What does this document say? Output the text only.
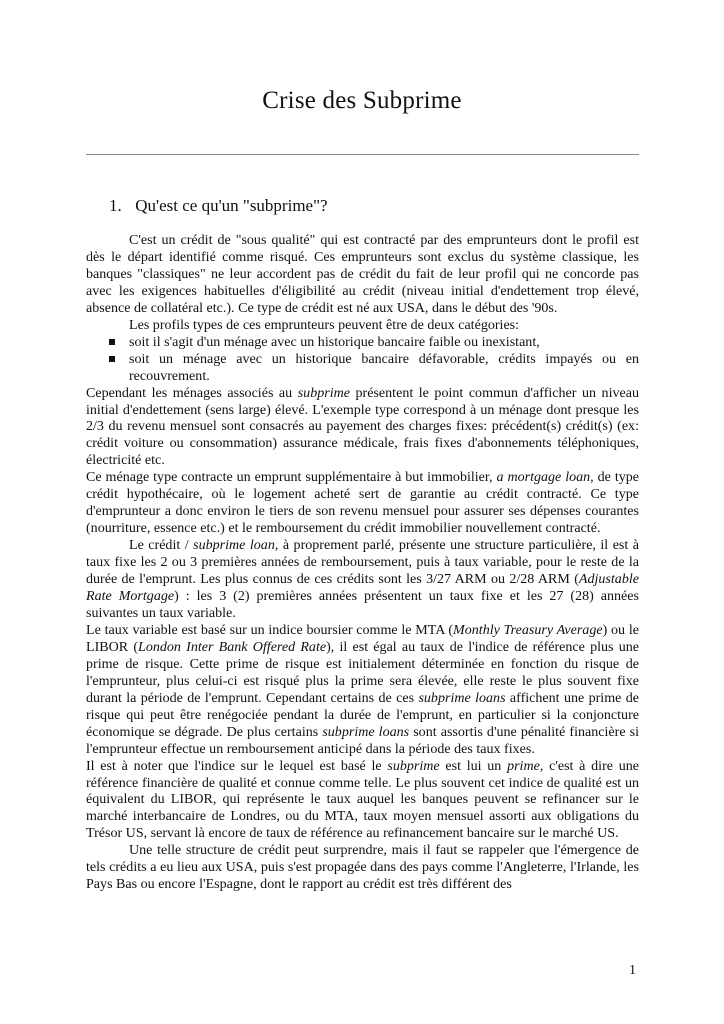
Crise des Subprime
1. Qu'est ce qu'un "subprime"?

C'est un crédit de "sous qualité" qui est contracté par des emprunteurs dont le profil est dès le départ identifié comme risqué. Ces emprunteurs sont exclus du système classique, les banques "classiques" ne leur accordent pas de crédit du fait de leur profil qui ne concorde pas avec les exigences habituelles d'éligibilité au crédit (niveau initial d'endettement trop élevé, absence de collatéral etc.). Ce type de crédit est né aux USA, dans le début des '90s.

Les profils types de ces emprunteurs peuvent être de deux catégories:

soit il s'agit d'un ménage avec un historique bancaire faible ou inexistant,
soit un ménage avec un historique bancaire défavorable, crédits impayés ou en recouvrement.

Cependant les ménages associés au subprime présentent le point commun d'afficher un niveau initial d'endettement (sens large) élevé. L'exemple type correspond à un ménage dont presque les 2/3 du revenu mensuel sont consacrés au payement des charges fixes: précédent(s) crédit(s) (ex: crédit voiture ou consommation) assurance médicale, frais fixes d'abonnements téléphoniques, électricité etc.

Ce ménage type contracte un emprunt supplémentaire à but immobilier, a mortgage loan, de type crédit hypothécaire, où le logement acheté sert de garantie au crédit contracté. Ce type d'emprunteur a donc environ le tiers de son revenu mensuel pour assurer ses dépenses courantes (nourriture, essence etc.) et le remboursement du crédit immobilier nouvellement contracté.

Le crédit / subprime loan, à proprement parlé, présente une structure particulière, il est à taux fixe les 2 ou 3 premières années de remboursement, puis à taux variable, pour le reste de la durée de l'emprunt. Les plus connus de ces crédits sont les 3/27 ARM ou 2/28 ARM (Adjustable Rate Mortgage) : les 3 (2) premières années présentent un taux fixe et les 27 (28) années suivantes un taux variable.

Le taux variable est basé sur un indice boursier comme le MTA (Monthly Treasury Average) ou le LIBOR (London Inter Bank Offered Rate), il est égal au taux de l'indice de référence plus une prime de risque. Cette prime de risque est initialement déterminée en fonction du risque de l'emprunteur, plus celui-ci est risqué plus la prime sera élevée, elle reste le plus souvent fixe durant la période de l'emprunt. Cependant certains de ces subprime loans affichent une prime de risque qui peut être renégociée pendant la durée de l'emprunt, en particulier si la conjoncture économique se dégrade. De plus certains subprime loans sont assortis d'une pénalité financière si l'emprunteur effectue un remboursement anticipé dans la période des taux fixes.

Il est à noter que l'indice sur le lequel est basé le subprime est lui un prime, c'est à dire une référence financière de qualité et connue comme telle. Le plus souvent cet indice de qualité est un équivalent du LIBOR, qui représente le taux auquel les banques peuvent se refinancer sur le marché interbancaire de Londres, ou du MTA, taux moyen mensuel assorti aux obligations du Trésor US, servant là encore de taux de référence au refinancement bancaire sur le marché US.

Une telle structure de crédit peut surprendre, mais il faut se rappeler que l'émergence de tels crédits a eu lieu aux USA, puis s'est propagée dans des pays comme l'Angleterre, l'Irlande, les Pays Bas ou encore l'Espagne, dont le rapport au crédit est très différent des

1
